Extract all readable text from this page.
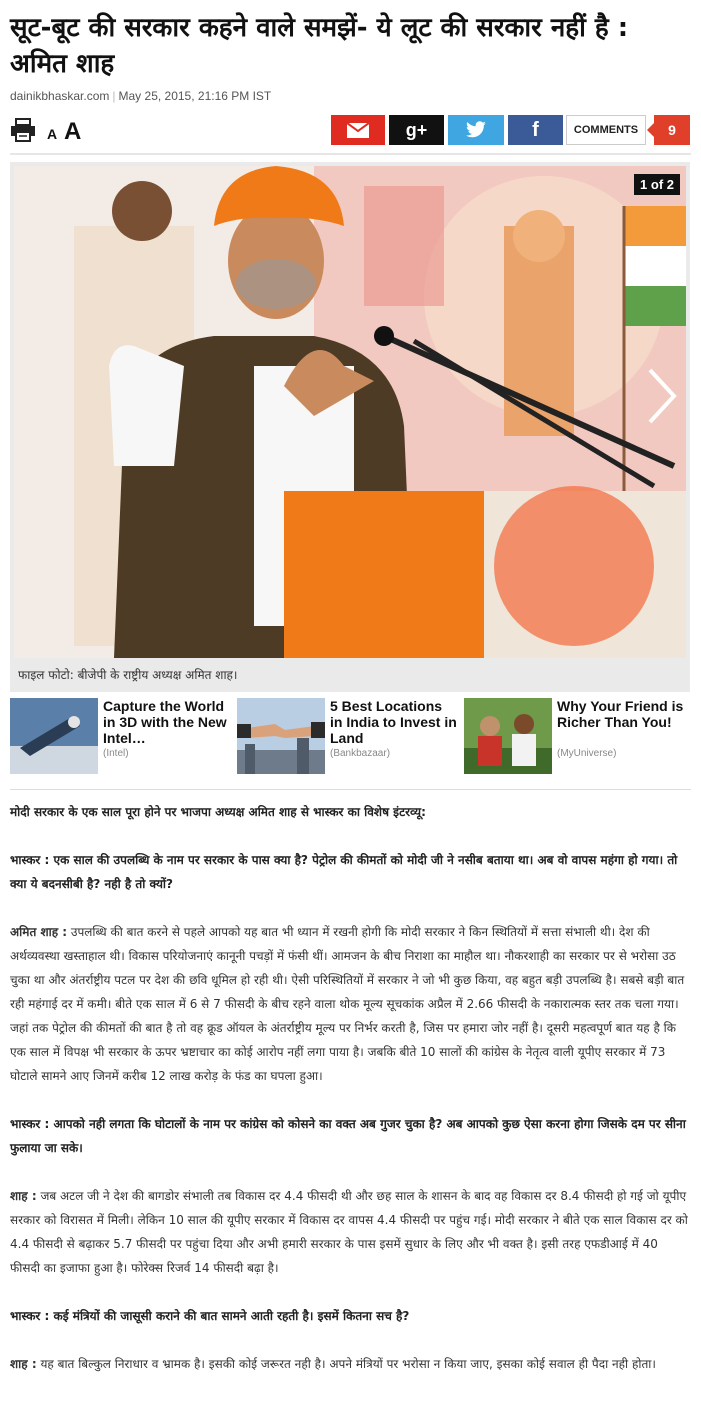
सूट-बूट की सरकार कहने वाले समझें- ये लूट की सरकार नहीं है : अमित शाह
dainikbhaskar.com | May 25, 2015, 21:16 PM IST
A A	g+	f	COMMENTS	9
1 of 2
फाइल फोटो: बीजेपी के राष्ट्रीय अध्यक्ष अमित शाह।
Capture the World in 3D with the New Intel…
(Intel)
5 Best Locations in India to Invest in Land
(Bankbazaar)
Why Your Friend is Richer Than You!
(MyUniverse)

मोदी सरकार के एक साल पूरा होने पर भाजपा अध्यक्ष अमित शाह से भास्कर का विशेष इंटरव्यू:

भास्कर : एक साल की उपलब्धि के नाम पर सरकार के पास क्या है? पेट्रोल की कीमतों को मोदी जी ने नसीब बताया था। अब वो वापस महंगा हो गया। तो क्या ये बदनसीबी है? नही है तो क्यों?

अमित शाह : उपलब्धि की बात करने से पहले आपको यह बात भी ध्यान में रखनी होगी कि मोदी सरकार ने किन स्थितियों में सत्ता संभाली थी। देश की अर्थव्यवस्था खस्ताहाल थी। विकास परियोजनाएं कानूनी पचड़ों में फंसी थीं। आमजन के बीच निराशा का माहौल था। नौकरशाही का सरकार पर से भरोसा उठ चुका था और अंतर्राष्ट्रीय पटल पर देश की छवि धूमिल हो रही थी। ऐसी परिस्थितियों में सरकार ने जो भी कुछ किया, वह बहुत बड़ी उपलब्धि है। सबसे बड़ी बात रही महंगाई दर में कमी। बीते एक साल में 6 से 7 फीसदी के बीच रहने वाला थोक मूल्य सूचकांक अप्रैल में 2.66 फीसदी के नकारात्मक स्तर तक चला गया। जहां तक पेट्रोल की कीमतों की बात है तो वह क्रूड ऑयल के अंतर्राष्ट्रीय मूल्य पर निर्भर करती है, जिस पर हमारा जोर नहीं है। दूसरी महत्वपूर्ण बात यह है कि एक साल में विपक्ष भी सरकार के ऊपर भ्रष्टाचार का कोई आरोप नहीं लगा पाया है। जबकि बीते 10 सालों की कांग्रेस के नेतृत्व वाली यूपीए सरकार में 73 घोटाले सामने आए जिनमें करीब 12 लाख करोड़ के फंड का घपला हुआ।

भास्कर : आपको नही लगता कि घोटालों के नाम पर कांग्रेस को कोसने का वक्त अब गुजर चुका है? अब आपको कुछ ऐसा करना होगा जिसके दम पर सीना फुलाया जा सके।

शाह : जब अटल जी ने देश की बागडोर संभाली तब विकास दर 4.4 फीसदी थी और छह साल के शासन के बाद वह विकास दर 8.4 फीसदी हो गई जो यूपीए सरकार को विरासत में मिली। लेकिन 10 साल की यूपीए सरकार में विकास दर वापस 4.4 फीसदी पर पहुंच गई। मोदी सरकार ने बीते एक साल विकास दर को 4.4 फीसदी से बढ़ाकर 5.7 फीसदी पर पहुंचा दिया और अभी हमारी सरकार के पास इसमें सुधार के लिए और भी वक्त है। इसी तरह एफडीआई में 40 फीसदी का इजाफा हुआ है। फोरेक्स रिजर्व 14 फीसदी बढ़ा है।

भास्कर : कई मंत्रियों की जासूसी कराने की बात सामने आती रहती है। इसमें कितना सच है?

शाह : यह बात बिल्कुल निराधार व भ्रामक है। इसकी कोई जरूरत नही है। अपने मंत्रियों पर भरोसा न किया जाए, इसका कोई सवाल ही पैदा नही होता।
